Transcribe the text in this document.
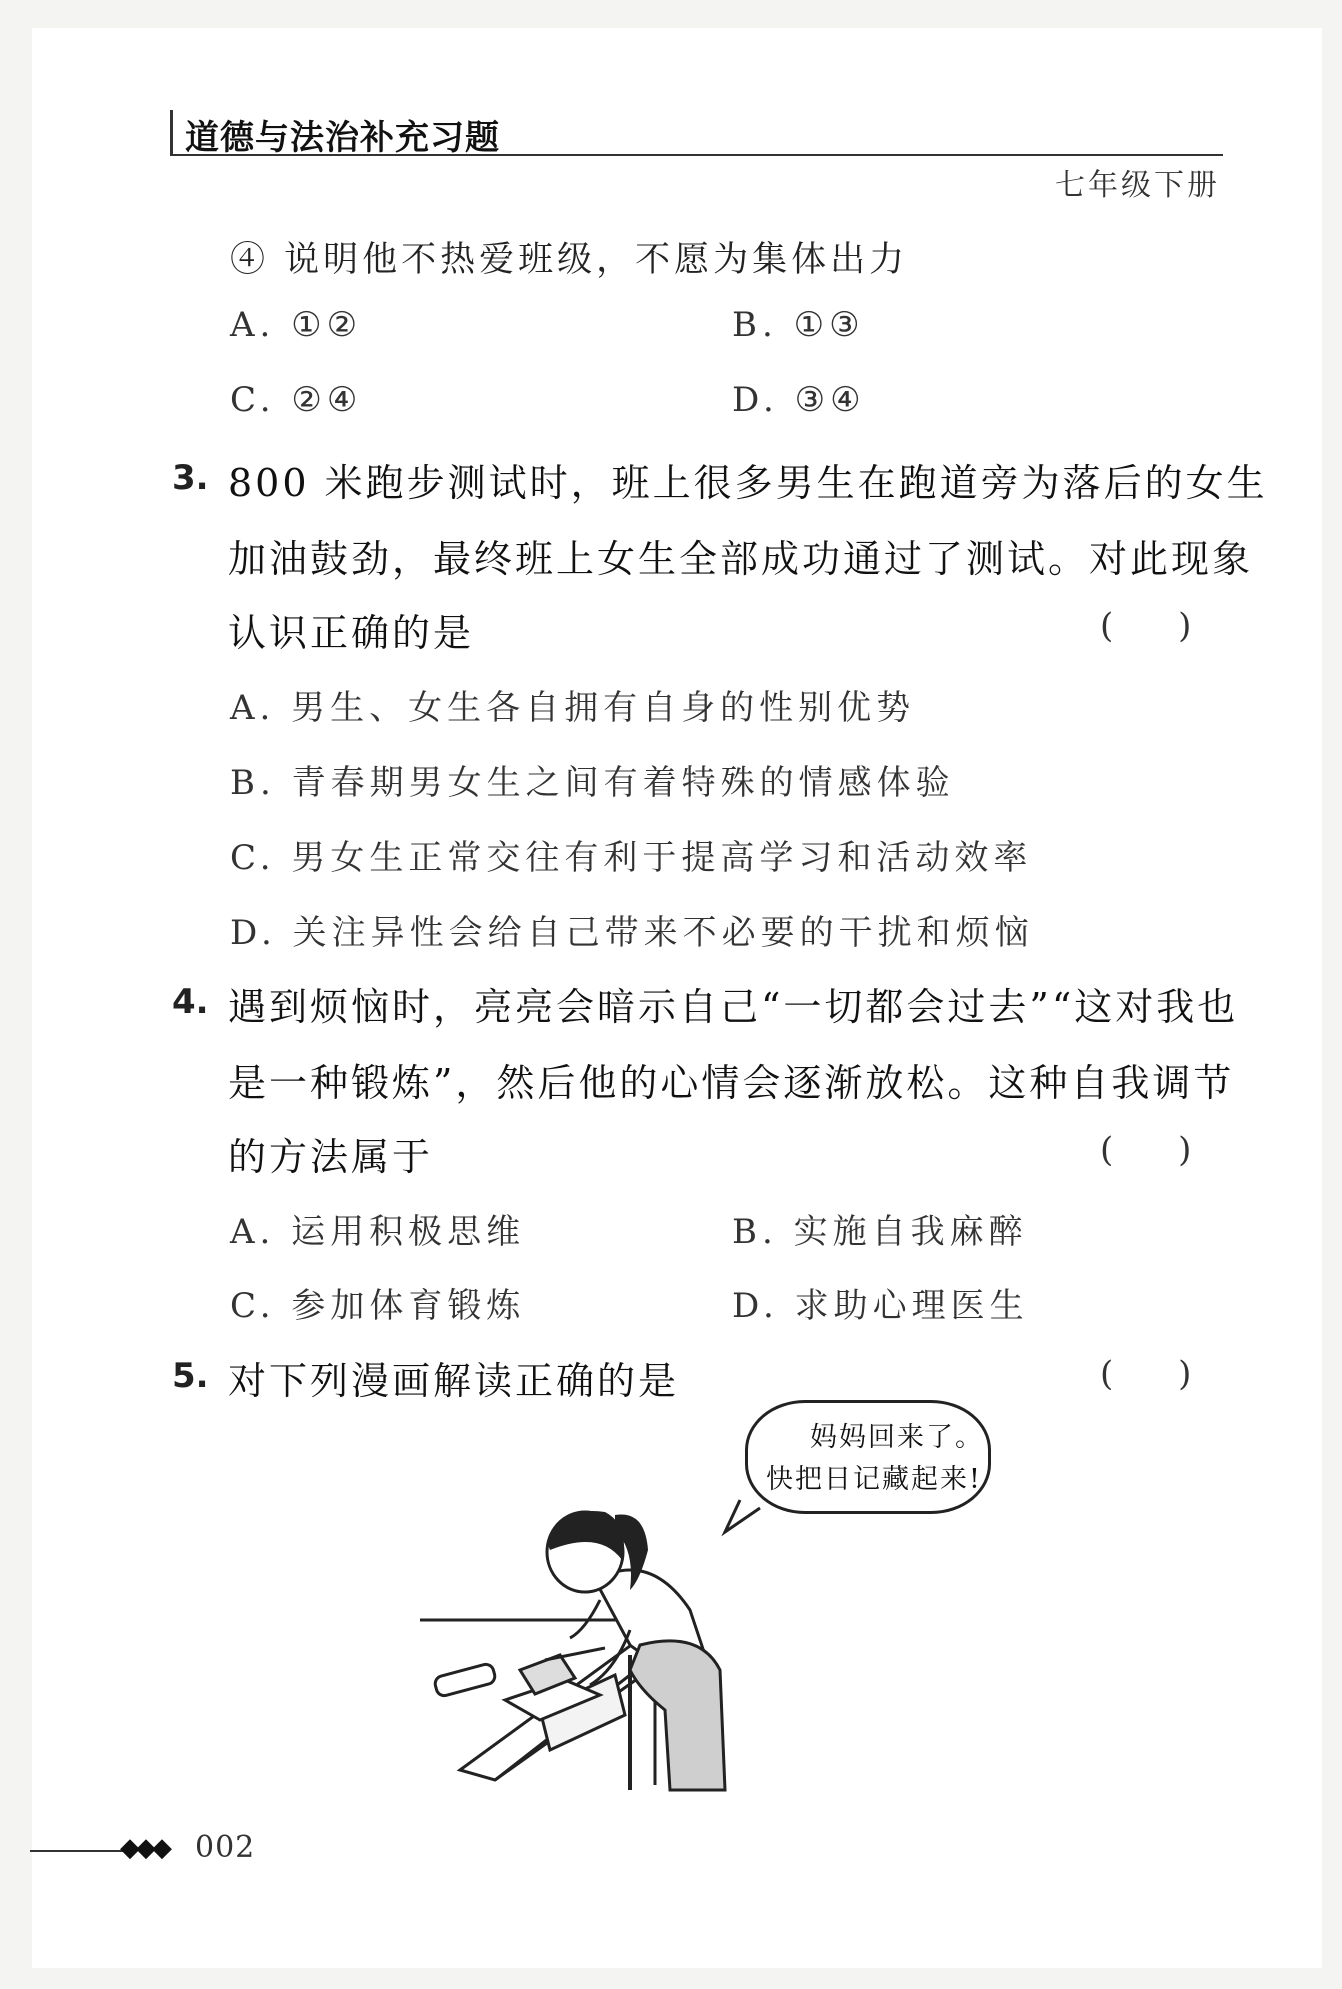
道德与法治补充习题
七年级下册
④ 说明他不热爱班级，不愿为集体出力
A. ①②	B. ①③
C. ②④	D. ③④
3. 800 米跑步测试时，班上很多男生在跑道旁为落后的女生
加油鼓劲，最终班上女生全部成功通过了测试。对此现象
认识正确的是	(      )
A. 男生、女生各自拥有自身的性别优势
B. 青春期男女生之间有着特殊的情感体验
C. 男女生正常交往有利于提高学习和活动效率
D. 关注异性会给自己带来不必要的干扰和烦恼
4. 遇到烦恼时，亮亮会暗示自己“一切都会过去”“这对我也
是一种锻炼”，然后他的心情会逐渐放松。这种自我调节
的方法属于	(      )
A. 运用积极思维	B. 实施自我麻醉
C. 参加体育锻炼	D. 求助心理医生
5. 对下列漫画解读正确的是	(      )
妈妈回来了。
快把日记藏起来!
◆◆◆ 002
